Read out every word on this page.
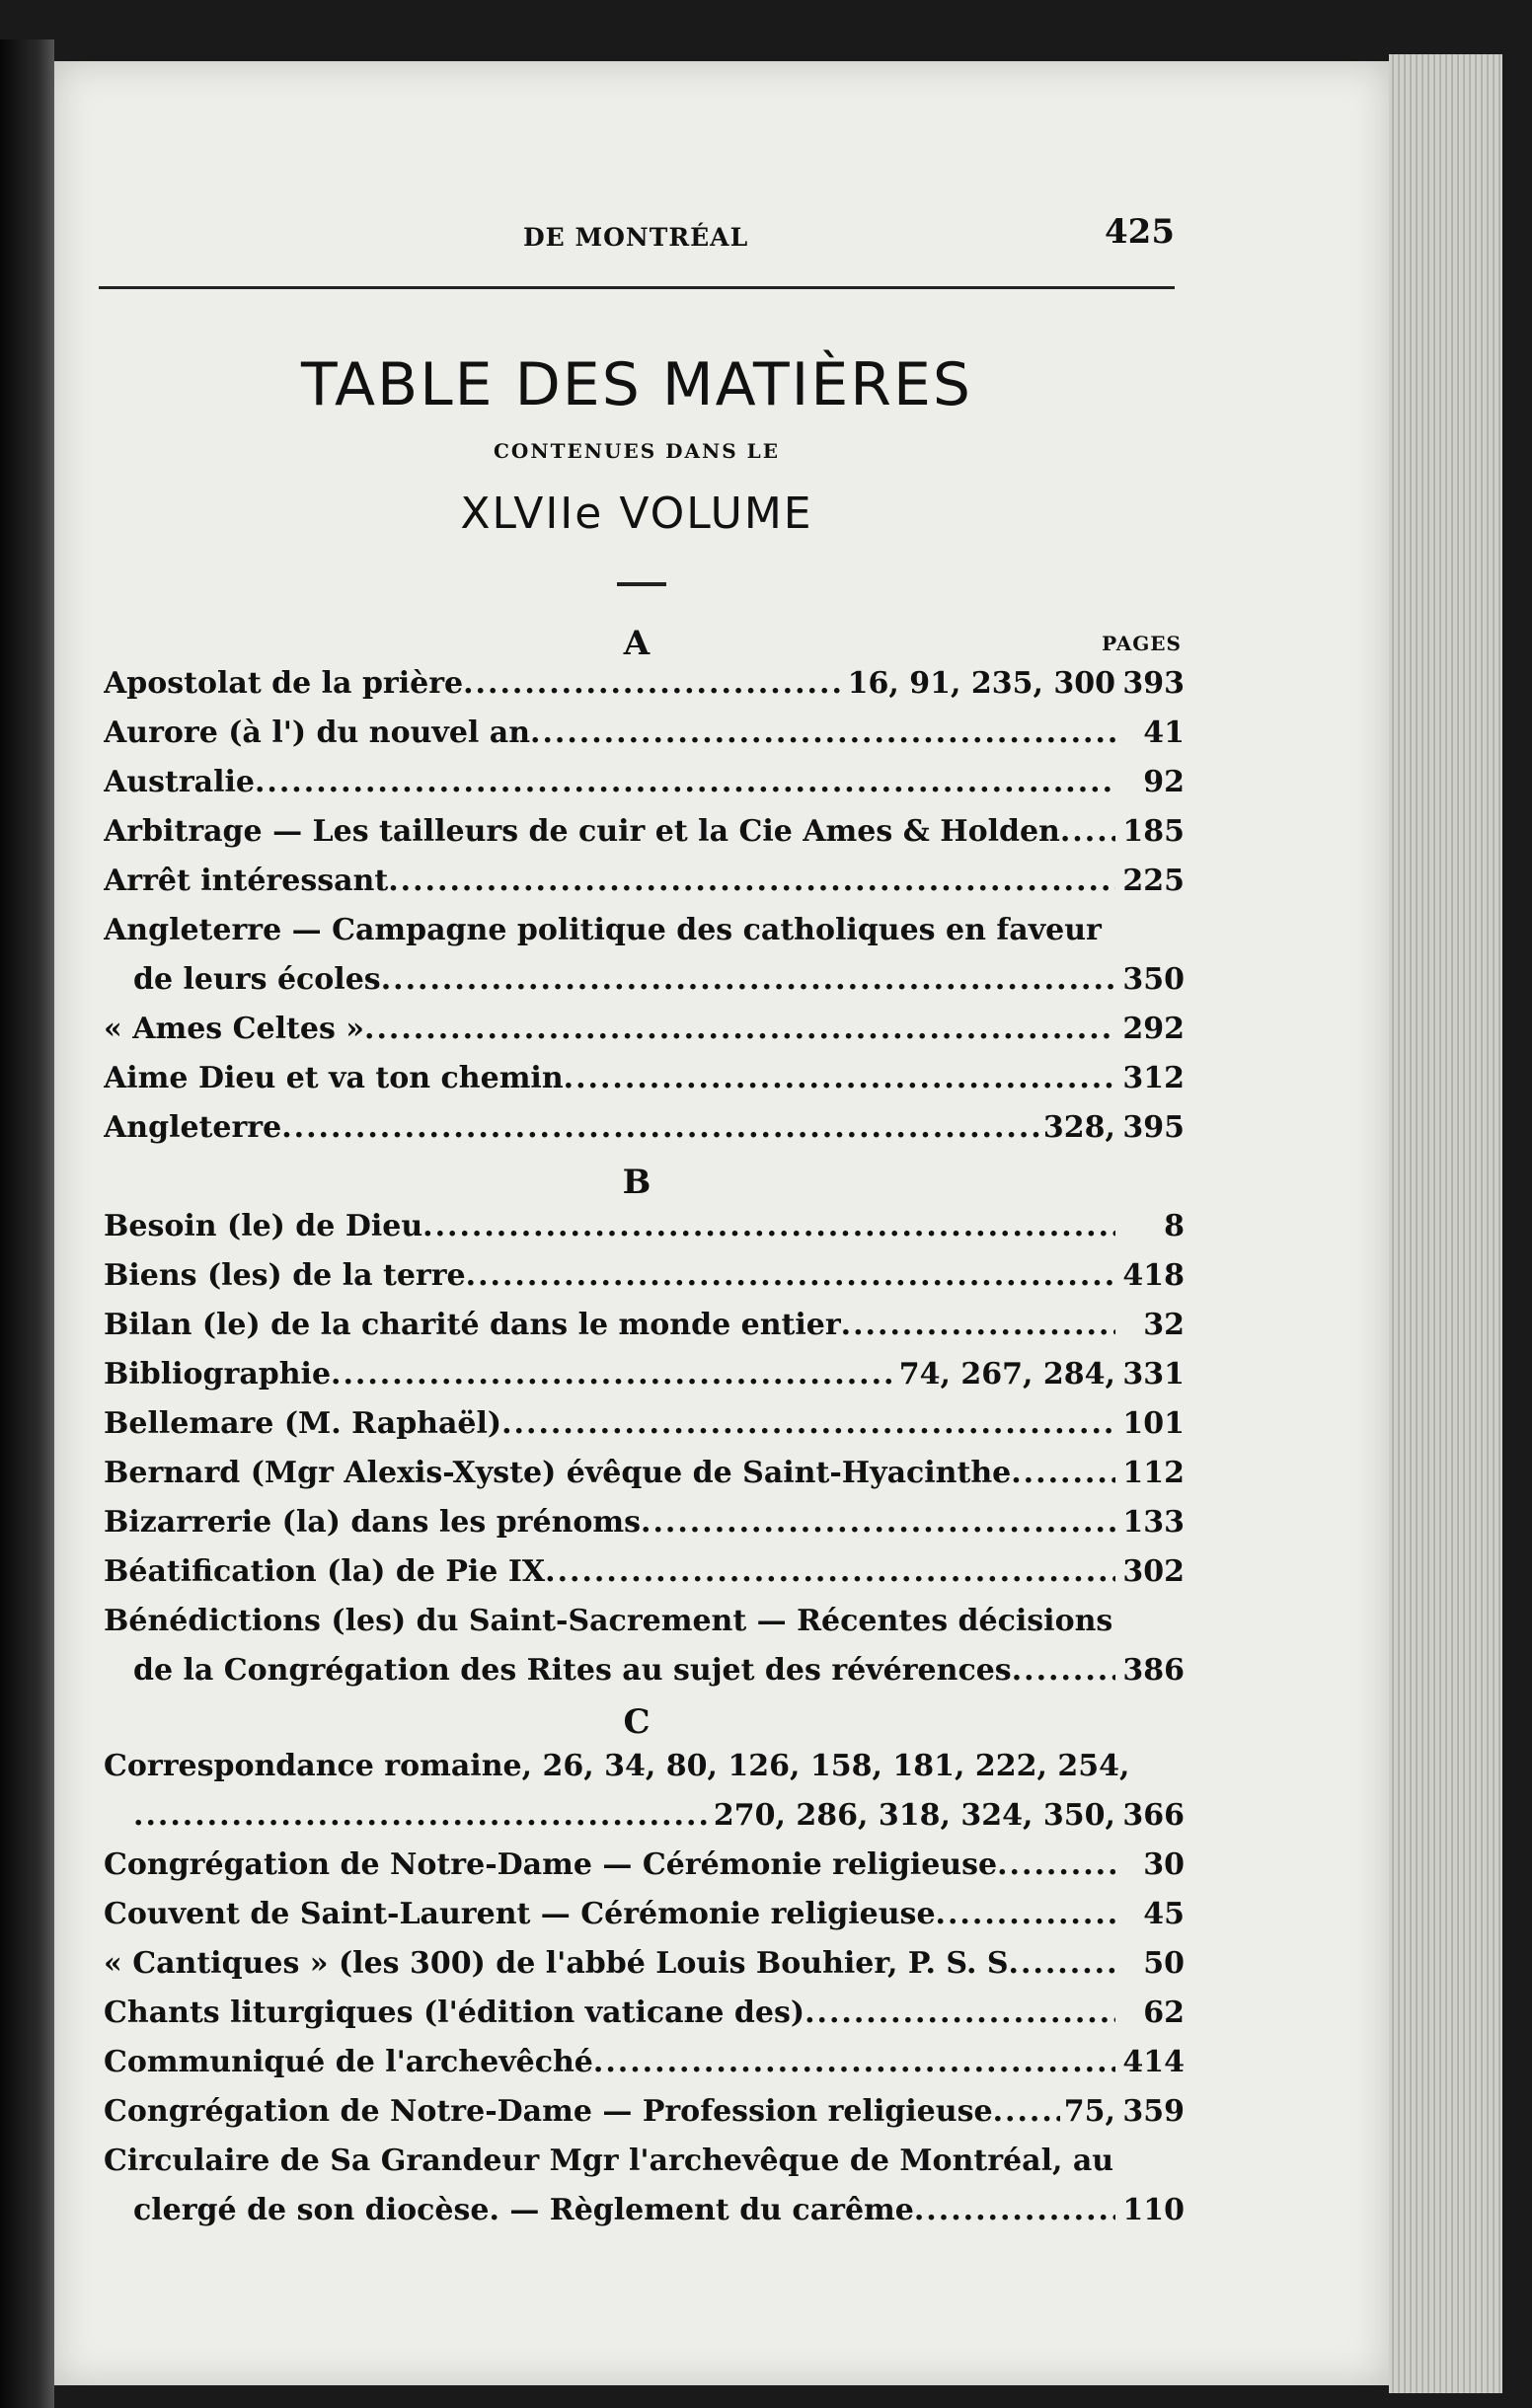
DE MONTRÉAL	425
TABLE DES MATIÈRES
CONTENUES DANS LE
XLVIIe VOLUME
PAGES
A
Apostolat de la prière .....	16, 91, 235, 300 393
Aurore (à l') du nouvel an .....	41
Australie .....	92
Arbitrage — Les tailleurs de cuir et la Cie Ames & Holden ..... 185
Arrêt intéressant .....	225
Angleterre — Campagne politique des catholiques en faveur
de leurs écoles .....	350
« Ames Celtes » .....	292
Aime Dieu et va ton chemin .....	312
Angleterre .....	328, 395
B
Besoin (le) de Dieu .....	8
Biens (les) de la terre .....	418
Bilan (le) de la charité dans le monde entier .....	32
Bibliographie .....	74, 267, 284, 331
Bellemare (M. Raphaël) .....	101
Bernard (Mgr Alexis-Xyste) évêque de Saint-Hyacinthe .....	112
Bizarrerie (la) dans les prénoms .....	133
Béatification (la) de Pie IX .....	302
Bénédictions (les) du Saint-Sacrement — Récentes décisions
de la Congrégation des Rites au sujet des révérences .....	386
C
Correspondance romaine, 26, 34, 80, 126, 158, 181, 222, 254,
.....
270, 286, 318, 324, 350, 366
Congrégation de Notre-Dame — Cérémonie religieuse .....	30
Couvent de Saint-Laurent — Cérémonie religieuse .....	45
« Cantiques » (les 300) de l'abbé Louis Bouhier, P. S. S .....	50
Chants liturgiques (l'édition vaticane des) .....	62
Communiqué de l'archevêché .....	414
Congrégation de Notre-Dame — Profession religieuse ..... 75, 359
Circulaire de Sa Grandeur Mgr l'archevêque de Montréal, au
clergé de son diocèse. — Règlement du carême .....	110
